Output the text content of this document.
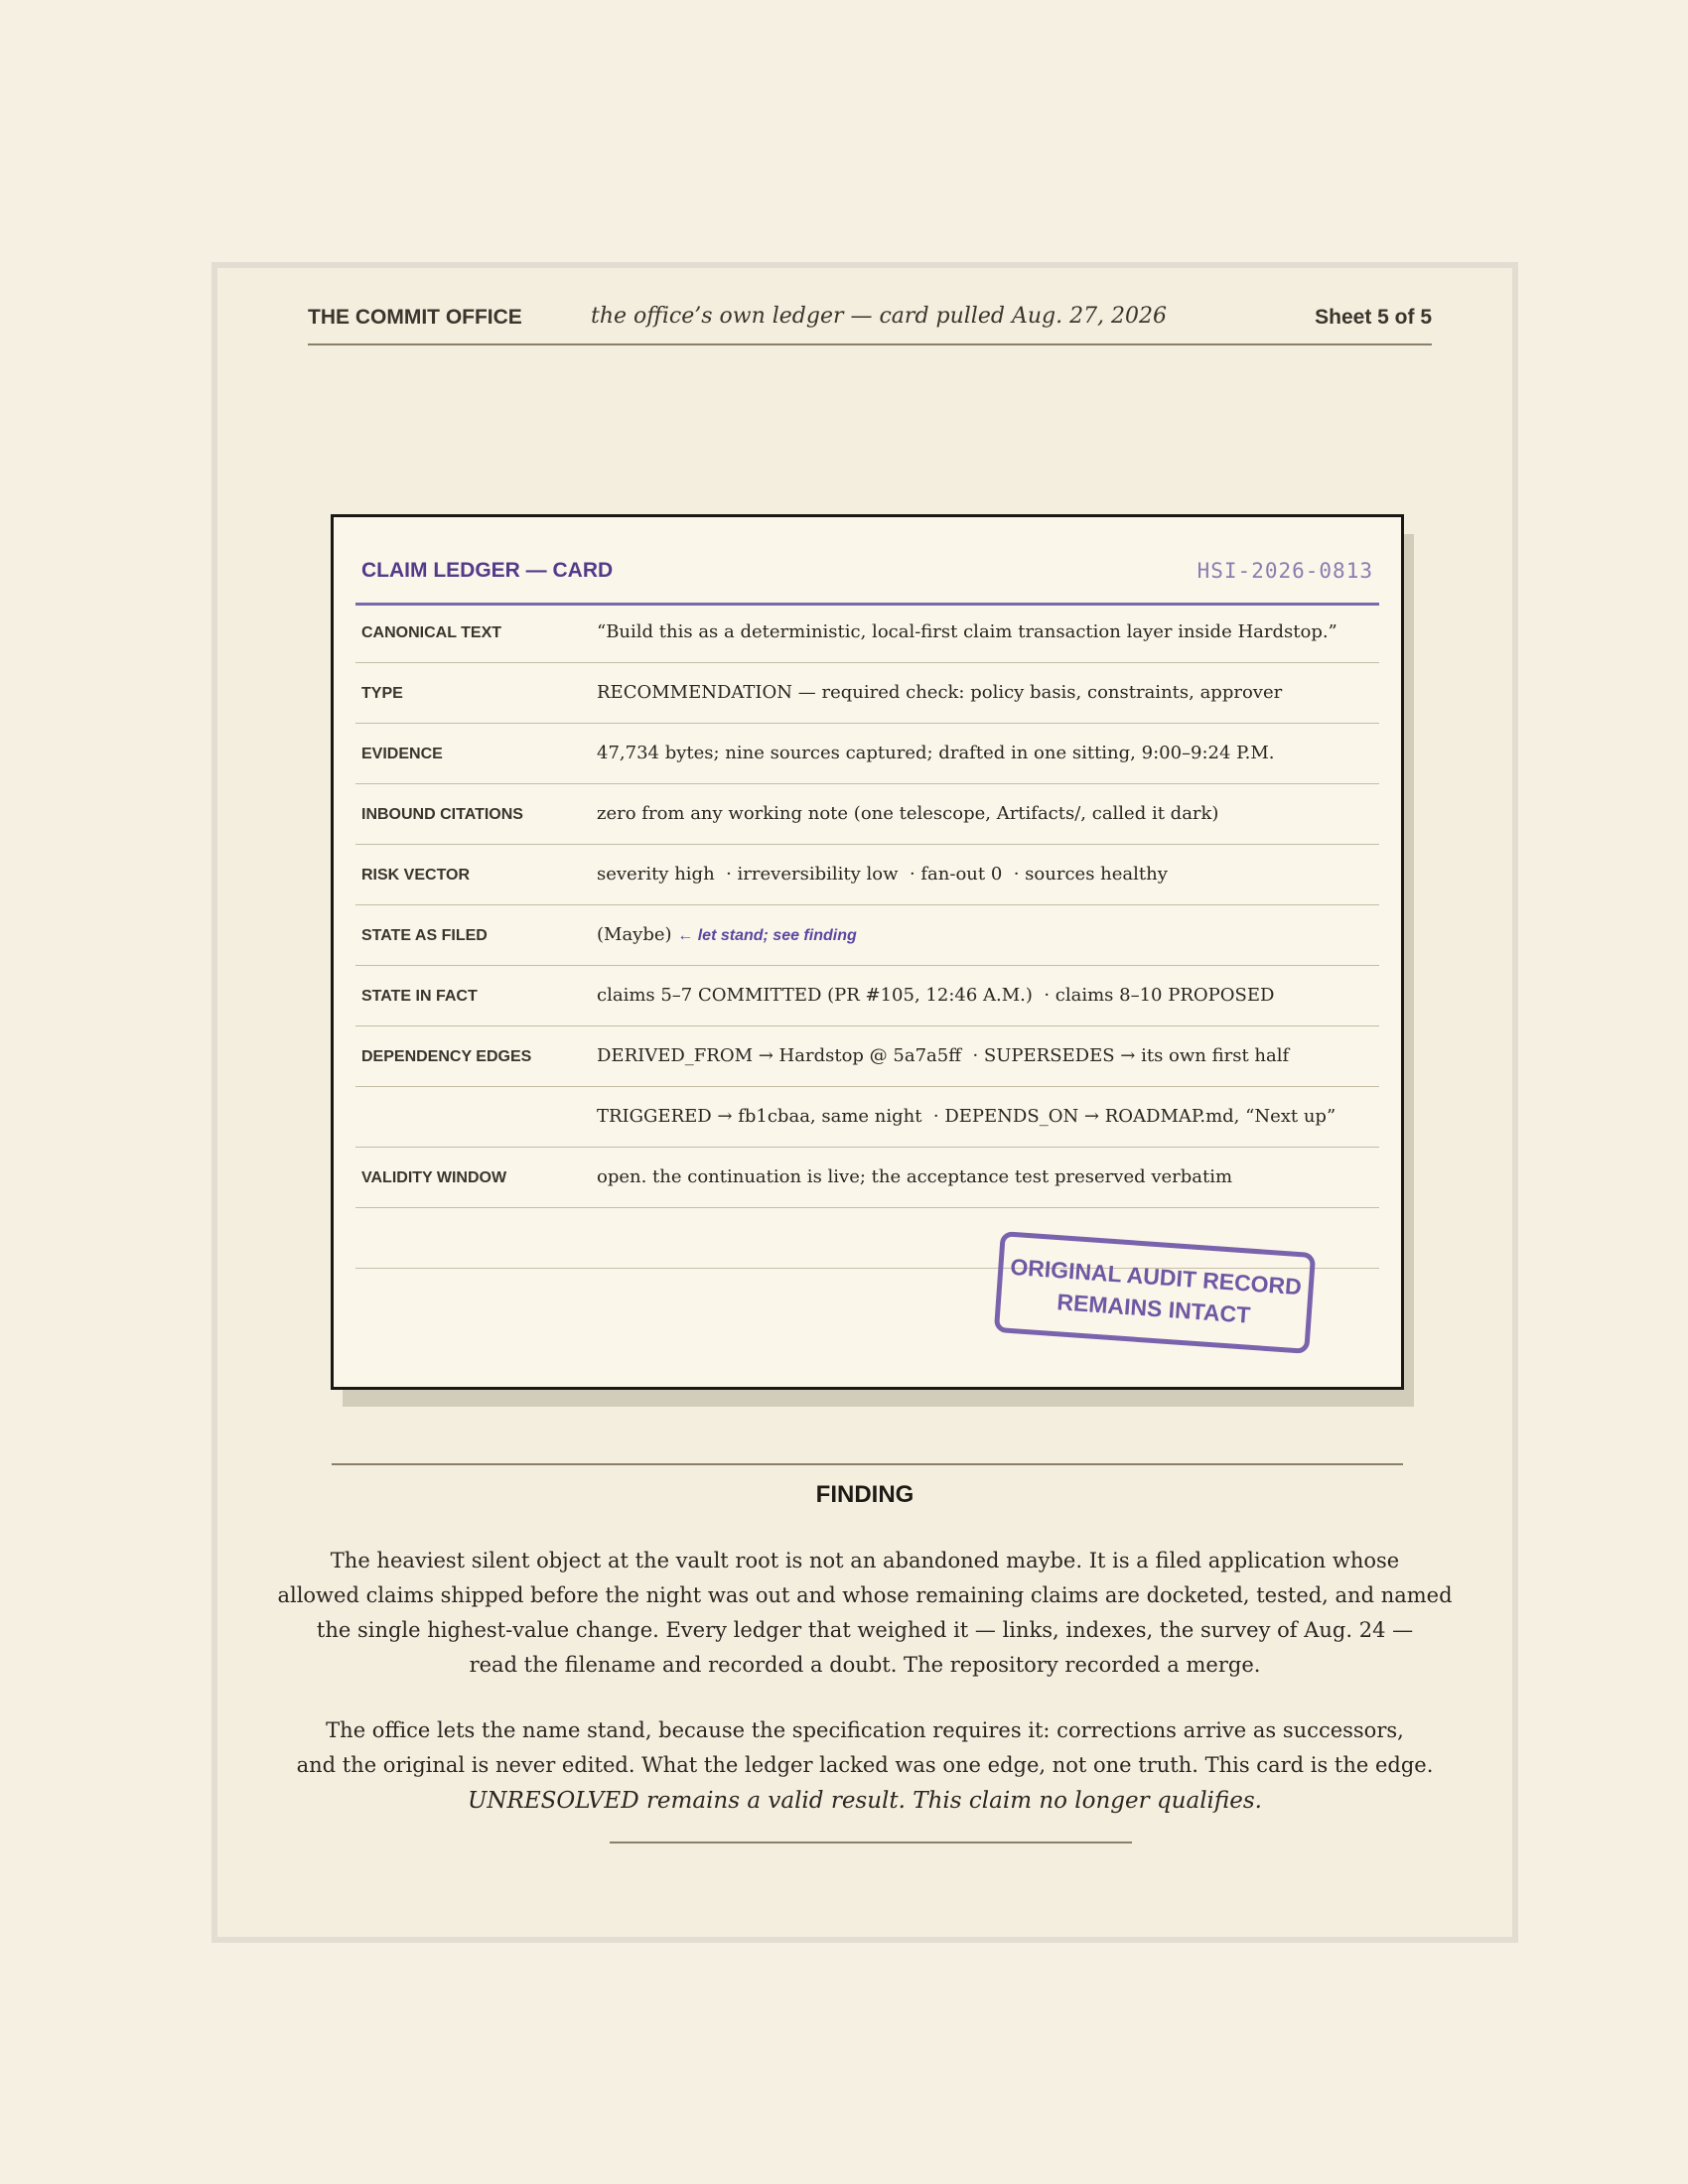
THE COMMIT OFFICE	the office’s own ledger — card pulled Aug. 27, 2026	Sheet 5 of 5
CLAIM LEDGER — CARD	HSI-2026-0813
CANONICAL TEXT	“Build this as a deterministic, local-first claim transaction layer inside Hardstop.”
TYPE	RECOMMENDATION — required check: policy basis, constraints, approver
EVIDENCE	47,734 bytes; nine sources captured; drafted in one sitting, 9:00–9:24 P.M.
INBOUND CITATIONS	zero from any working note (one telescope, Artifacts/, called it dark)
RISK VECTOR	severity high  · irreversibility low  · fan-out 0  · sources healthy
STATE AS FILED	(Maybe) ← let stand; see finding
STATE IN FACT	claims 5–7 COMMITTED (PR #105, 12:46 A.M.)  · claims 8–10 PROPOSED
DEPENDENCY EDGES	DERIVED_FROM → Hardstop @ 5a7a5ff  · SUPERSEDES → its own first half
TRIGGERED → fb1cbaa, same night  · DEPENDS_ON → ROADMAP.md, “Next up”
VALIDITY WINDOW	open. the continuation is live; the acceptance test preserved verbatim
ORIGINAL AUDIT RECORD
REMAINS INTACT
FINDING
The heaviest silent object at the vault root is not an abandoned maybe. It is a filed application whose
allowed claims shipped before the night was out and whose remaining claims are docketed, tested, and named
the single highest-value change. Every ledger that weighed it — links, indexes, the survey of Aug. 24 —
read the filename and recorded a doubt. The repository recorded a merge.
The office lets the name stand, because the specification requires it: corrections arrive as successors,
and the original is never edited. What the ledger lacked was one edge, not one truth. This card is the edge.
UNRESOLVED remains a valid result. This claim no longer qualifies.
